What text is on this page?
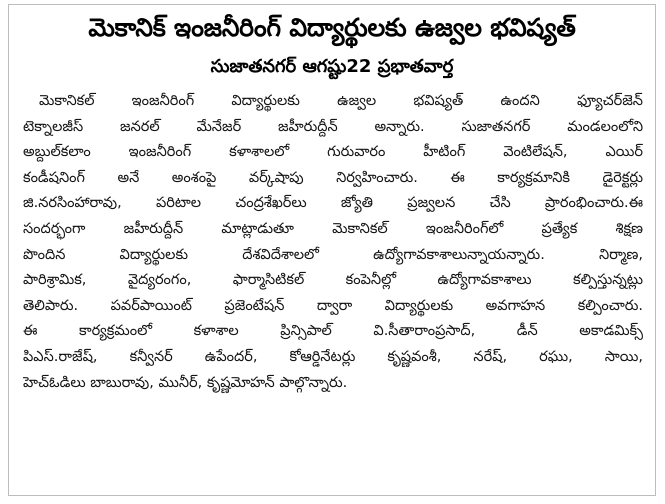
మెకానిక్ ఇంజనీరింగ్ విద్యార్థులకు ఉజ్వల భవిష్యత్
సుజాతనగర్ ఆగష్టు22 ప్రభాతవార్త
మెకానికల్ ఇంజనీరింగ్ విద్యార్థులకు ఉజ్వల భవిష్యత్ ఉందని ఫ్యూచర్‌జెన్
టెక్నాలజీస్ జనరల్ మేనేజర్ జహీరుద్దీన్ అన్నారు. సుజాతనగర్ మండలంలోని
అబ్దుల్‌కలాం ఇంజనీరింగ్ కళాశాలలో గురువారం హీటింగ్ వెంటిలేషన్, ఎయిర్
కండీషనింగ్ అనే అంశంపై వర్క్‌షాపు నిర్వహించారు. ఈ కార్యక్రమానికి డైరెక్టర్లు
జి.నరసింహారావు, పరిటాల చంద్రశేఖర్‌లు జ్యోతి ప్రజ్వలన చేసి ప్రారంభించారు.ఈ
సందర్భంగా జహీరుద్దీన్ మాట్లాడుతూ మెకానికల్ ఇంజనీరింగ్‌లో ప్రత్యేక శిక్షణ
పొందిన విద్యార్థులకు దేశవిదేశాలలో ఉద్యోగావకాశాలున్నాయన్నారు. నిర్మాణ,
పారిశ్రామిక, వైద్యరంగం, ఫార్మాసిటికల్ కంపెనీల్లో ఉద్యోగావకాశాలు కల్పిస్తున్నట్లు
తెలిపారు. పవర్‌పాయింట్ ప్రజెంటేషన్ ద్వారా విద్యార్థులకు అవగాహన కల్పించారు.
ఈ కార్యక్రమంలో కళాశాల ప్రిన్సిపాల్ వి.సీతారాంప్రసాద్, డీన్ అకాడమిక్స్
పిఎస్.రాజేష్, కన్వీనర్ ఉపేందర్, కోఆర్డినేటర్లు కృష్ణవంశీ, నరేష్, రఘు, సాయి,
హెచ్ఓడిలు బాబురావు, మునీర్, కృష్ణమోహన్ పాల్గొన్నారు.
